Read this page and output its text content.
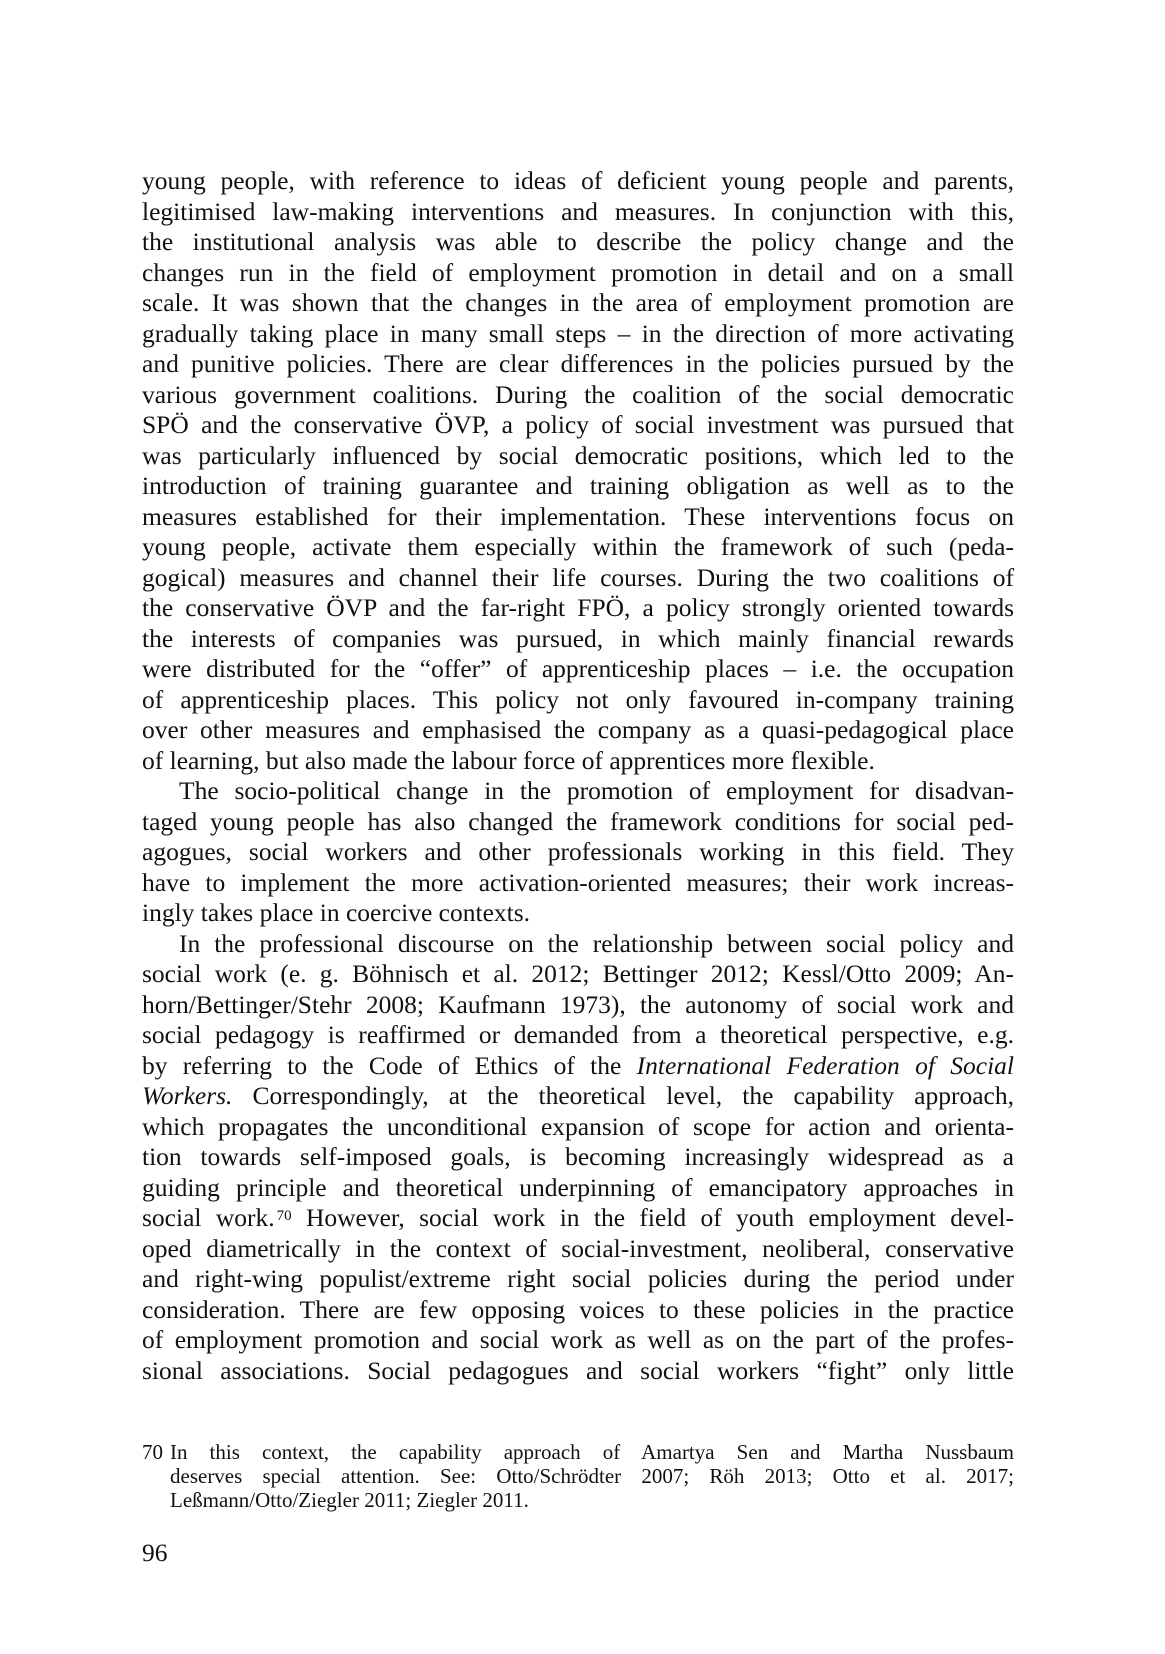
young people, with reference to ideas of deficient young people and parents,
legitimised law-making interventions and measures. In conjunction with this,
the institutional analysis was able to describe the policy change and the
changes run in the field of employment promotion in detail and on a small
scale. It was shown that the changes in the area of employment promotion are
gradually taking place in many small steps – in the direction of more activating
and punitive policies. There are clear differences in the policies pursued by the
various government coalitions. During the coalition of the social democratic
SPÖ and the conservative ÖVP, a policy of social investment was pursued that
was particularly influenced by social democratic positions, which led to the
introduction of training guarantee and training obligation as well as to the
measures established for their implementation. These interventions focus on
young people, activate them especially within the framework of such (peda-
gogical) measures and channel their life courses. During the two coalitions of
the conservative ÖVP and the far-right FPÖ, a policy strongly oriented towards
the interests of companies was pursued, in which mainly financial rewards
were distributed for the “offer” of apprenticeship places – i.e. the occupation
of apprenticeship places. This policy not only favoured in-company training
over other measures and emphasised the company as a quasi-pedagogical place
of learning, but also made the labour force of apprentices more flexible.
The socio-political change in the promotion of employment for disadvan-
taged young people has also changed the framework conditions for social ped-
agogues, social workers and other professionals working in this field. They
have to implement the more activation-oriented measures; their work increas-
ingly takes place in coercive contexts.
In the professional discourse on the relationship between social policy and
social work (e. g. Böhnisch et al. 2012; Bettinger 2012; Kessl/Otto 2009; An-
horn/Bettinger/Stehr 2008; Kaufmann 1973), the autonomy of social work and
social pedagogy is reaffirmed or demanded from a theoretical perspective, e.g.
by referring to the Code of Ethics of the International Federation of Social
Workers. Correspondingly, at the theoretical level, the capability approach,
which propagates the unconditional expansion of scope for action and orienta-
tion towards self-imposed goals, is becoming increasingly widespread as a
guiding principle and theoretical underpinning of emancipatory approaches in
social work. $^{70}$ However, social work in the field of youth employment devel-
oped diametrically in the context of social-investment, neoliberal, conservative
and right-wing populist/extreme right social policies during the period under
consideration. There are few opposing voices to these policies in the practice
of employment promotion and social work as well as on the part of the profes-
sional associations. Social pedagogues and social workers “fight” only little
70 In this context, the capability approach of Amartya Sen and Martha Nussbaum
deserves special attention. See: Otto/Schrödter 2007; Röh 2013; Otto et al. 2017;
Leßmann/Otto/Ziegler 2011; Ziegler 2011.
96
